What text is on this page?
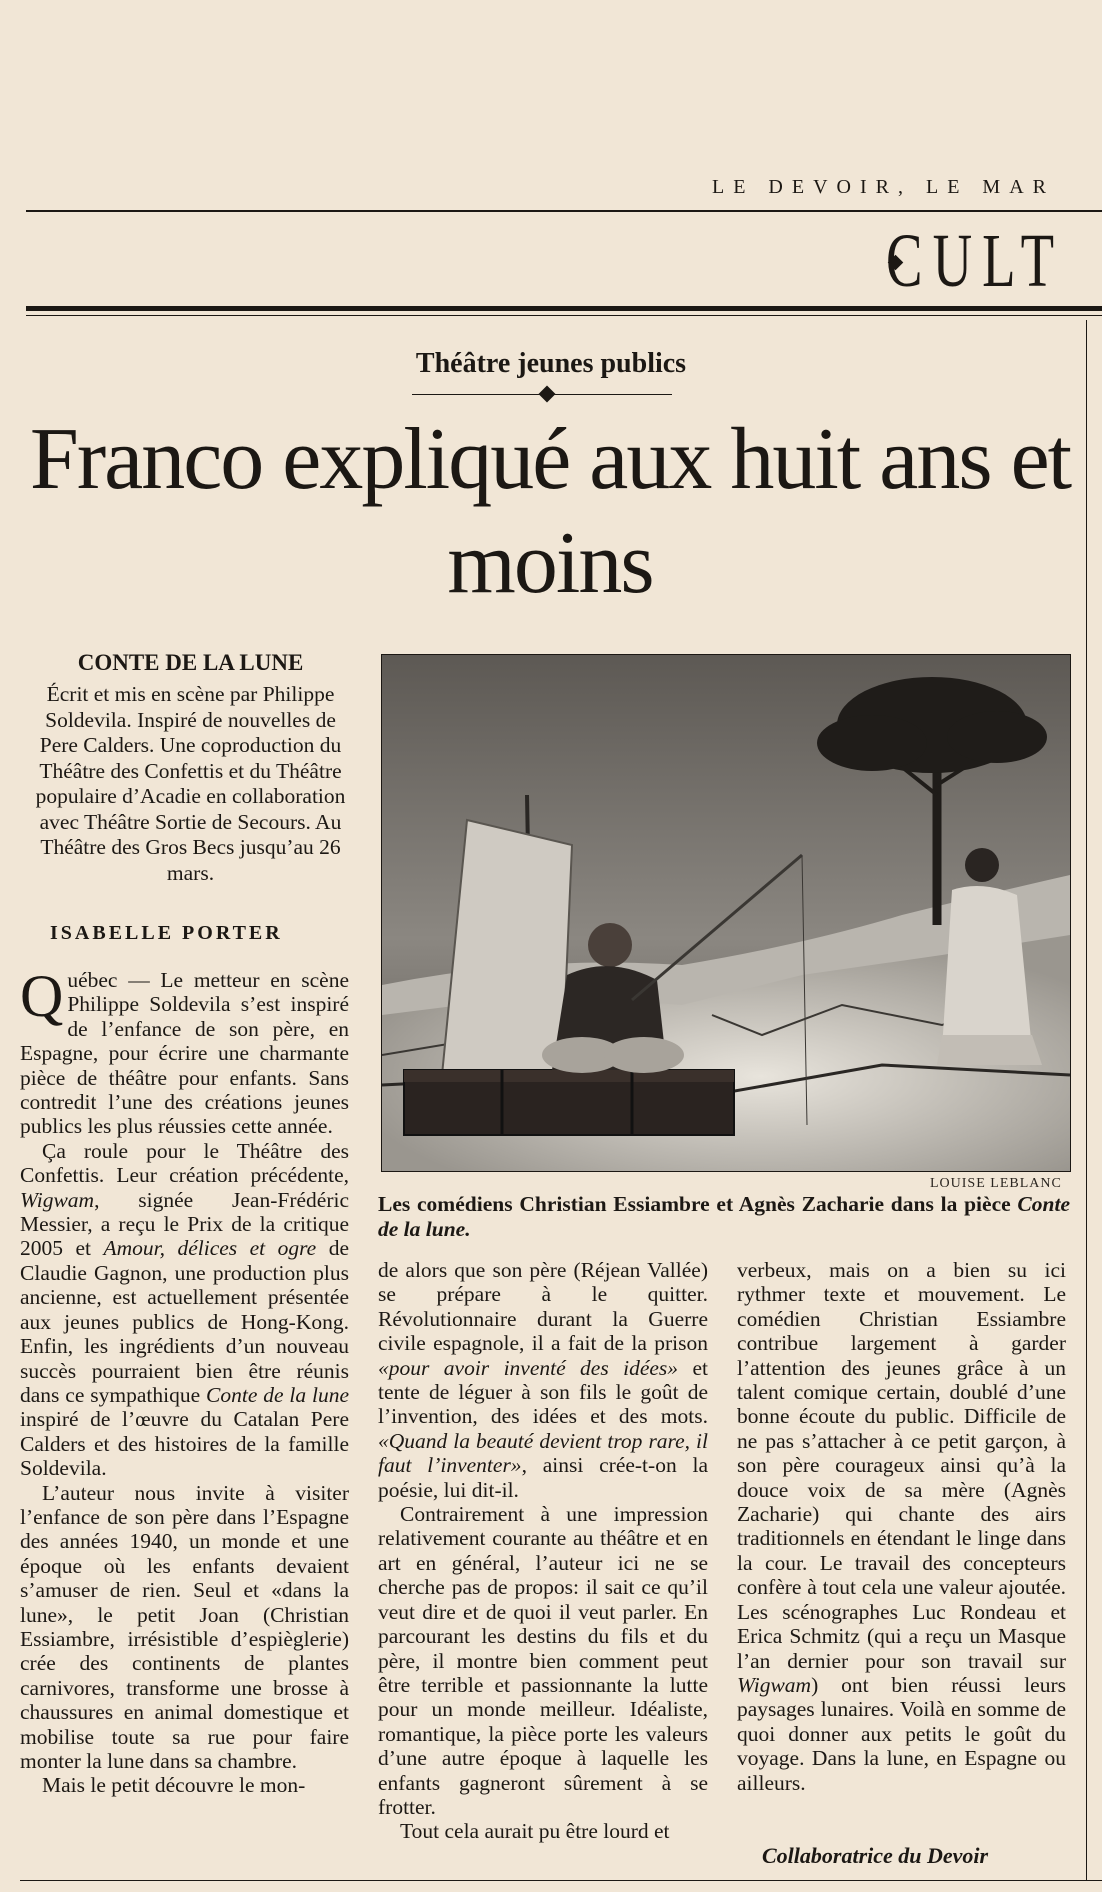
LE DEVOIR, LE MAR
CULT
Théâtre jeunes publics
Franco expliqué aux huit ans et moins
CONTE DE LA LUNE
Écrit et mis en scène par Philippe Soldevila. Inspiré de nouvelles de Pere Calders. Une coproduction du Théâtre des Confettis et du Théâtre populaire d’Acadie en collaboration avec Théâtre Sortie de Secours. Au Théâtre des Gros Becs jusqu’au 26 mars.
ISABELLE PORTER
LOUISE LEBLANC

Les comédiens Christian Essiambre et Agnès Zacharie dans la pièce Conte de la lune.

Québec — Le metteur en scène Philippe Soldevila s’est inspiré de l’enfance de son père, en Espagne, pour écrire une charmante pièce de théâtre pour enfants. Sans contredit l’une des créations jeunes publics les plus réussies cette année.

Ça roule pour le Théâtre des Confettis. Leur création précédente, Wigwam, signée Jean-Frédéric Messier, a reçu le Prix de la critique 2005 et Amour, délices et ogre de Claudie Gagnon, une production plus ancienne, est actuellement présentée aux jeunes publics de Hong-Kong. Enfin, les ingrédients d’un nouveau succès pourraient bien être réunis dans ce sympathique Conte de la lune inspiré de l’œuvre du Catalan Pere Calders et des histoires de la famille Soldevila.

L’auteur nous invite à visiter l’enfance de son père dans l’Espagne des années 1940, un monde et une époque où les enfants devaient s’amuser de rien. Seul et «dans la lune», le petit Joan (Christian Essiambre, irrésistible d’espièglerie) crée des continents de plantes carnivores, transforme une brosse à chaussures en animal domestique et mobilise toute sa rue pour faire monter la lune dans sa chambre.

Mais le petit découvre le mon-

de alors que son père (Réjean Vallée) se prépare à le quitter. Révolutionnaire durant la Guerre civile espagnole, il a fait de la prison «pour avoir inventé des idées» et tente de léguer à son fils le goût de l’invention, des idées et des mots. «Quand la beauté devient trop rare, il faut l’inventer», ainsi crée-t-on la poésie, lui dit-il.

Contrairement à une impression relativement courante au théâtre et en art en général, l’auteur ici ne se cherche pas de propos: il sait ce qu’il veut dire et de quoi il veut parler. En parcourant les destins du fils et du père, il montre bien comment peut être terrible et passionnante la lutte pour un monde meilleur. Idéaliste, romantique, la pièce porte les valeurs d’une autre époque à laquelle les enfants gagneront sûrement à se frotter.

Tout cela aurait pu être lourd et

verbeux, mais on a bien su ici rythmer texte et mouvement. Le comédien Christian Essiambre contribue largement à garder l’attention des jeunes grâce à un talent comique certain, doublé d’une bonne écoute du public. Difficile de ne pas s’attacher à ce petit garçon, à son père courageux ainsi qu’à la douce voix de sa mère (Agnès Zacharie) qui chante des airs traditionnels en étendant le linge dans la cour. Le travail des concepteurs confère à tout cela une valeur ajoutée. Les scénographes Luc Rondeau et Erica Schmitz (qui a reçu un Masque l’an dernier pour son travail sur Wigwam) ont bien réussi leurs paysages lunaires. Voilà en somme de quoi donner aux petits le goût du voyage. Dans la lune, en Espagne ou ailleurs.

Collaboratrice du Devoir
